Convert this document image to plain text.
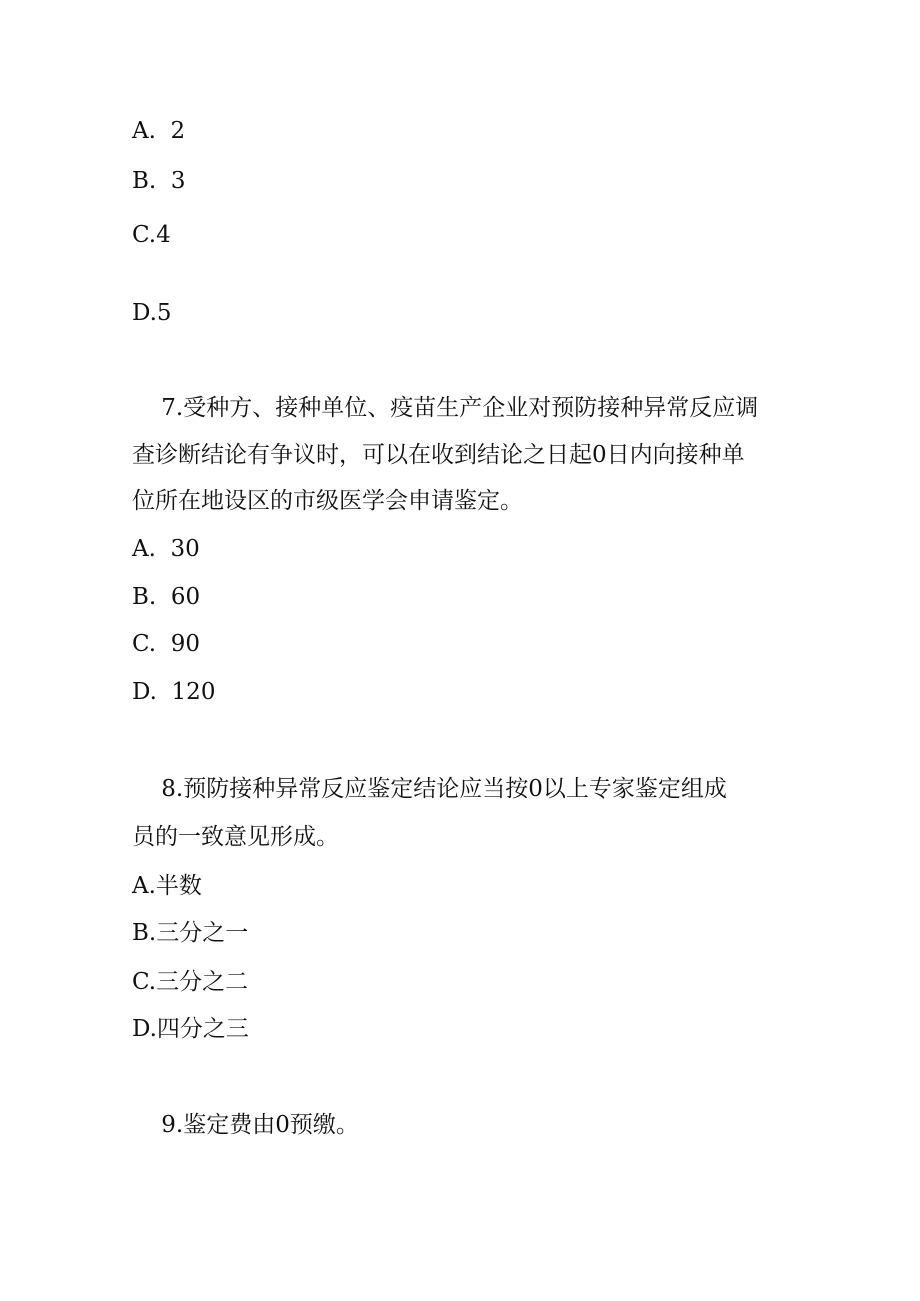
A.  2
B.  3
C.4
D.5
7.受种方、接种单位、疫苗生产企业对预防接种异常反应调
查诊断结论有争议时，可以在收到结论之日起0日内向接种单
位所在地设区的市级医学会申请鉴定。
A.  30
B.  60
C.  90
D.  120
8.预防接种异常反应鉴定结论应当按0以上专家鉴定组成
员的一致意见形成。
A.半数
B.三分之一
C.三分之二
D.四分之三
9.鉴定费由0预缴。
